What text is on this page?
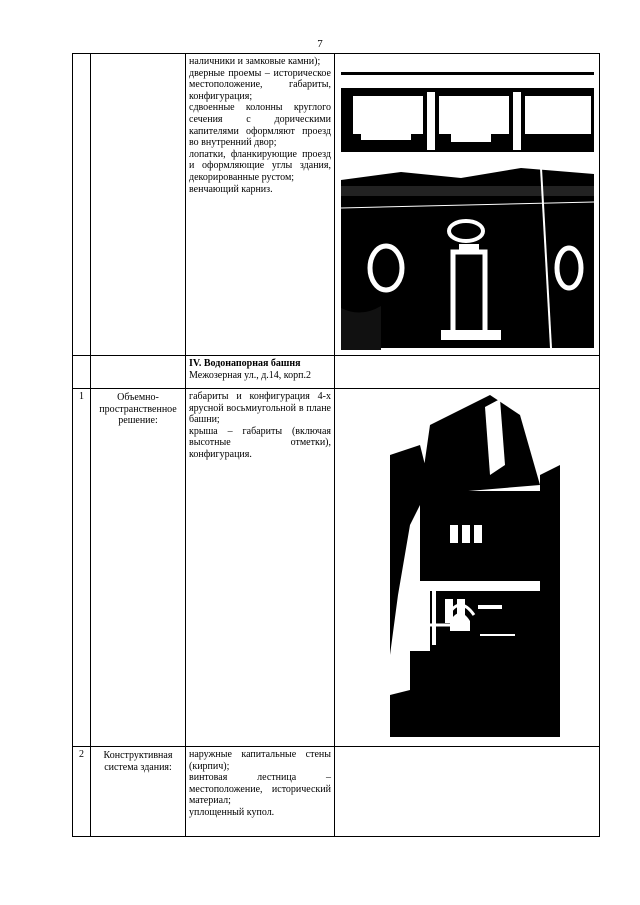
7

		наличники и замковые камни);

дверные проемы – историческое местоположение, габариты, конфигурация;

сдвоенные колонны круглого сечения с дорическими капителями оформляют проезд во внутренний двор;

лопатки, фланкирующие проезд и оформляющие углы здания, декорированные рустом;

венчающий карниз.

		IV. Водонапорная башня
Межозерная ул., д.14, корп.2	

1	Объемно-пространственное решение:	габариты и конфигурация 4-х ярусной восьмиугольной в плане башни;

крыша – габариты (включая высотные отметки), конфигурация.

2	Конструктивная система здания:	наружные капитальные стены (кирпич);

винтовая лестница – местоположение, исторический материал;

уплощенный купол.	
